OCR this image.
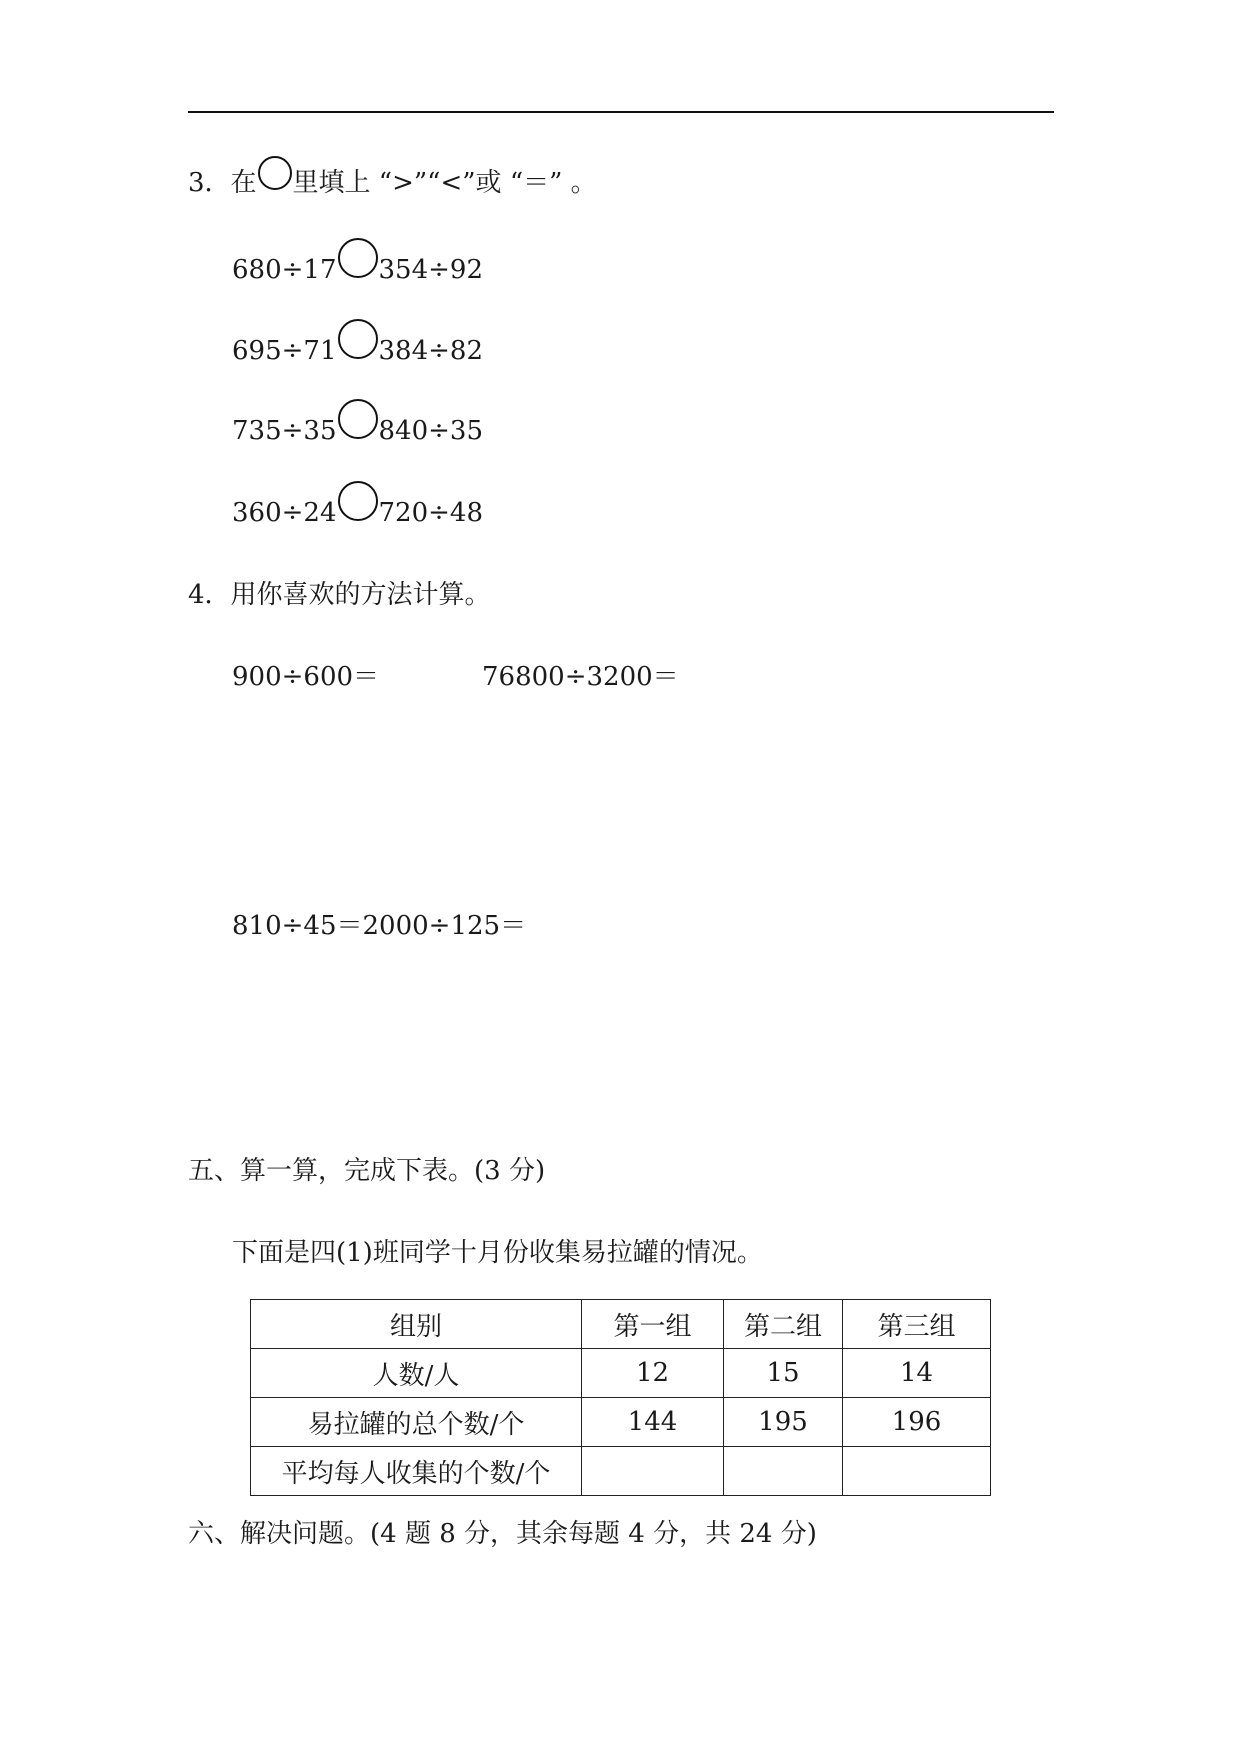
3．在 里填上 “>”“<”或 “＝” 。
680÷17 354÷92
695÷71 384÷82
735÷35 840÷35
360÷24 720÷48
4．用你喜欢的方法计算。
900÷600＝	76800÷3200＝
810÷45＝ 2000÷125＝
五、算一算，完成下表。(3 分)
下面是四(1)班同学十月份收集易拉罐的情况。
组别	第一组	第二组	第三组
人数/人	12	15	14
易拉罐的总个数/个	144	195	196
平均每人收集的个数/个			
六、解决问题。(4 题 8 分，其余每题 4 分，共 24 分)
